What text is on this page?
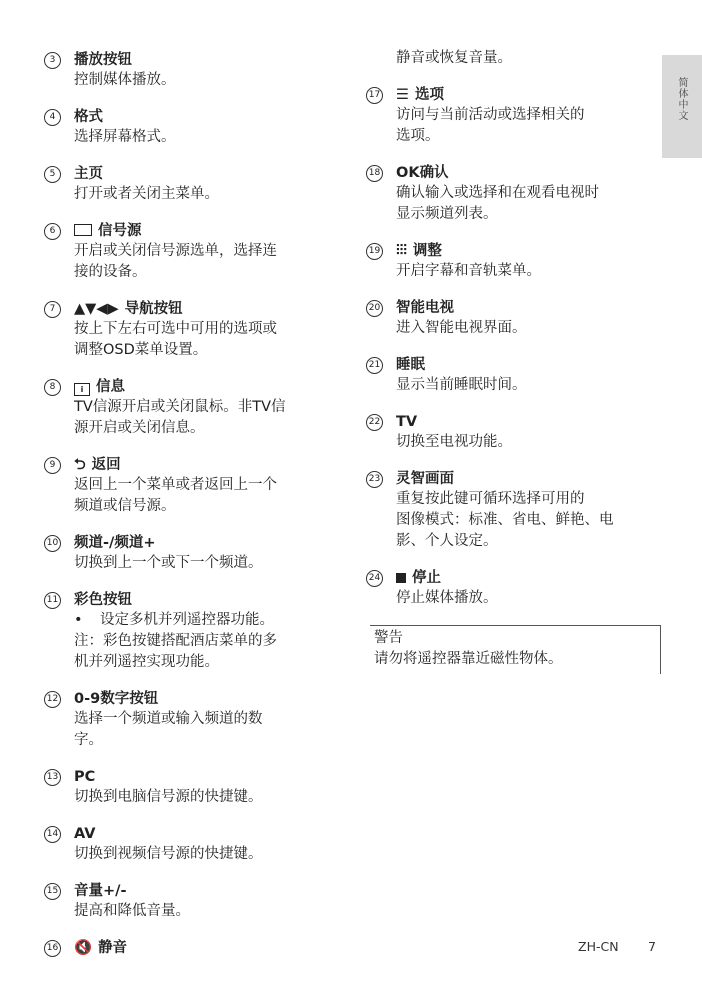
简体中文
3	播放按钮
控制媒体播放。
4	格式
选择屏幕格式。
5	主页
打开或者关闭主菜单。
6	信号源
开启或关闭信号源选单，选择连
接的设备。
7	▲▼◀▶ 导航按钮
按上下左右可选中可用的选项或
调整OSD菜单设置。
8	i 信息
TV信源开启或关闭鼠标。非TV信
源开启或关闭信息。
9	⮌ 返回
返回上一个菜单或者返回上一个
频道或信号源。
10 频道-/频道+
切换到上一个或下一个频道。
11 彩色按钮
• 设定多机并列遥控器功能。
注：彩色按键搭配酒店菜单的多
机并列遥控实现功能。
12 0-9数字按钮
选择一个频道或输入频道的数
字。
13 PC
切换到电脑信号源的快捷键。
14 AV
切换到视频信号源的快捷键。
15 音量+/-
提高和降低音量。
16 🔇 静音
静音或恢复音量。
17 ☰ 选项
访问与当前活动或选择相关的
选项。
18 OK确认
确认输入或选择和在观看电视时
显示频道列表。
19 ⫶⫶⫶ 调整
开启字幕和音轨菜单。
20 智能电视
进入智能电视界面。
21 睡眠
显示当前睡眠时间。
22 TV
切换至电视功能。
23 灵智画面
重复按此键可循环选择可用的
图像模式：标准、省电、鲜艳、电
影、个人设定。
24	停止
停止媒体播放。
警告
请勿将遥控器靠近磁性物体。
ZH-CN 7
